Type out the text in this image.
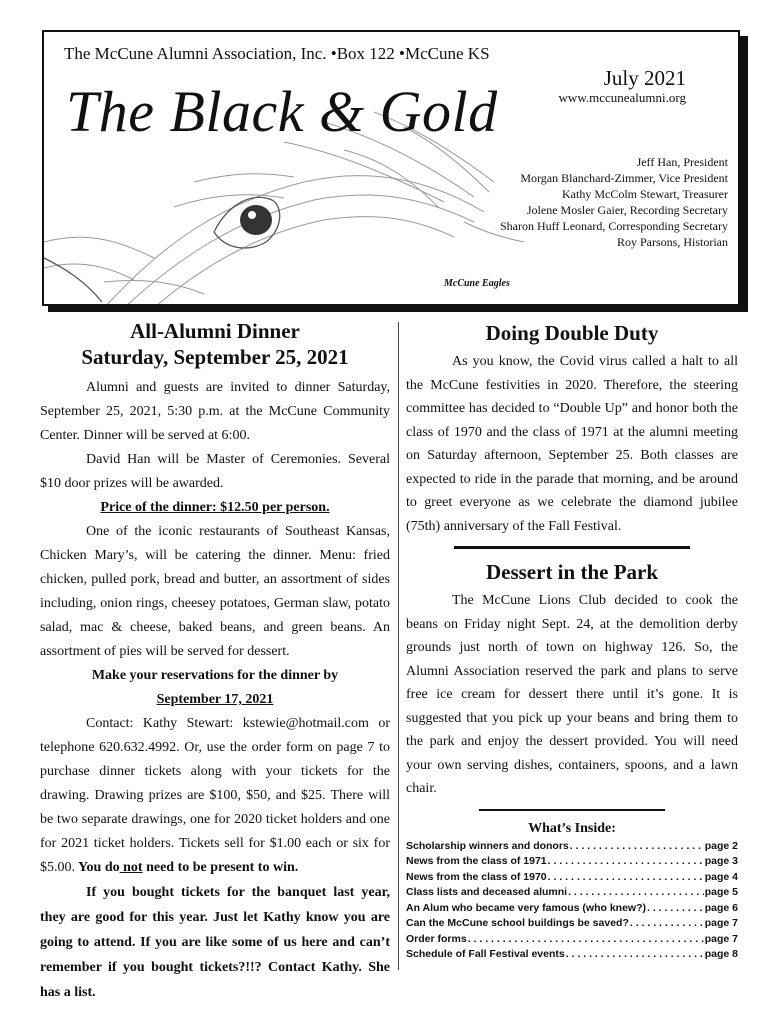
The McCune Alumni Association, Inc. •Box 122 •McCune KS
The Black & Gold
July 2021
www.mccunealumni.org
Jeff Han, President
Morgan Blanchard-Zimmer, Vice President
Kathy McColm Stewart, Treasurer
Jolene Mosler Gaier, Recording Secretary
Sharon Huff Leonard, Corresponding Secretary
Roy Parsons, Historian
McCune Eagles
All-Alumni Dinner
Saturday, September 25, 2021

Alumni and guests are invited to dinner Saturday, September 25, 2021, 5:30 p.m. at the McCune Community Center. Dinner will be served at 6:00.

David Han will be Master of Ceremonies. Several $10 door prizes will be awarded.

Price of the dinner: $12.50 per person.

One of the iconic restaurants of Southeast Kansas, Chicken Mary’s, will be catering the dinner. Menu: fried chicken, pulled pork, bread and butter, an assortment of sides including, onion rings, cheesey potatoes, German slaw, potato salad, mac & cheese, baked beans, and green beans. An assortment of pies will be served for dessert.

Make your reservations for the dinner by

September 17, 2021

Contact: Kathy Stewart: kstewie@hotmail.com or telephone 620.632.4992. Or, use the order form on page 7 to purchase dinner tickets along with your tickets for the drawing. Drawing prizes are $100, $50, and $25. There will be two separate drawings, one for 2020 ticket holders and one for 2021 ticket holders. Tickets sell for $1.00 each or six for $5.00. You do not need to be present to win.

If you bought tickets for the banquet last year, they are good for this year. Just let Kathy know you are going to attend. If you are like some of us here and can’t remember if you bought tickets?!!? Contact Kathy. She has a list.

Doing Double Duty

As you know, the Covid virus called a halt to all the McCune festivities in 2020. Therefore, the steering committee has decided to “Double Up” and honor both the class of 1970 and the class of 1971 at the alumni meeting on Saturday afternoon, September 25. Both classes are expected to ride in the parade that morning, and be around to greet everyone as we celebrate the diamond jubilee (75th) anniversary of the Fall Festival.

Dessert in the Park

The McCune Lions Club decided to cook the beans on Friday night Sept. 24, at the demolition derby grounds just north of town on highway 126. So, the Alumni Association reserved the park and plans to serve free ice cream for dessert there until it’s gone. It is suggested that you pick up your beans and bring them to the park and enjoy the dessert provided. You will need your own serving dishes, containers, spoons, and a lawn chair.

What’s Inside:
Scholarship winners and donors . . .	page 2
News from the class of 1971 . . .	page 3
News from the class of 1970 . . .	page 4
Class lists and deceased alumni . . .	page 5
An Alum who became very famous (who knew?) . . .	page 6
Can the McCune school buildings be saved? . . .	page 7
Order forms . . .	page 7
Schedule of Fall Festival events . . .	page 8
